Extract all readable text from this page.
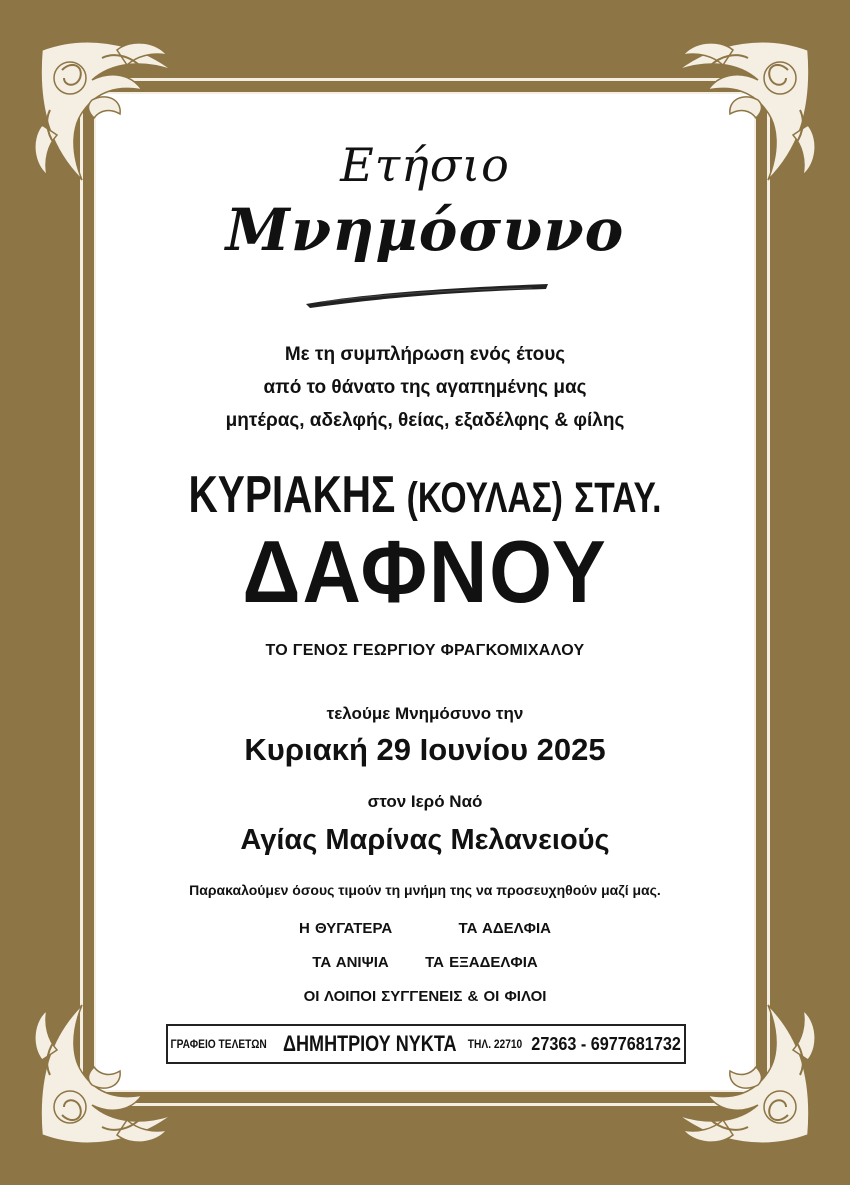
Ετήσιο
Μνημόσυνο
Με τη συμπλήρωση ενός έτους
από το θάνατο της αγαπημένης μας
μητέρας, αδελφής, θείας, εξαδέλφης & φίλης
ΚΥΡΙΑΚΗΣ (ΚΟΥΛΑΣ) ΣΤΑΥ.
ΔΑΦΝΟΥ
ΤΟ ΓΕΝΟΣ ΓΕΩΡΓΙΟΥ ΦΡΑΓΚΟΜΙΧΑΛΟΥ
τελούμε Μνημόσυνο την
Κυριακή 29 Ιουνίου 2025
στον Ιερό Ναό
Αγίας Μαρίνας Μελανειούς
Παρακαλούμεν όσους τιμούν τη μνήμη της να προσευχηθούν μαζί μας.
Η ΘΥΓΑΤΕΡΑ	ΤΑ ΑΔΕΛΦΙΑ
ΤΑ ΑΝΙΨΙΑ ΤΑ ΕΞΑΔΕΛΦΙΑ
ΟΙ ΛΟΙΠΟΙ ΣΥΓΓΕΝΕΙΣ & ΟΙ ΦΙΛΟΙ
ΓΡΑΦΕΙΟ ΤΕΛΕΤΩΝ ΔΗΜΗΤΡΙΟΥ ΝΥΚΤΑ ΤΗΛ. 22710 27363 - 6977681732
